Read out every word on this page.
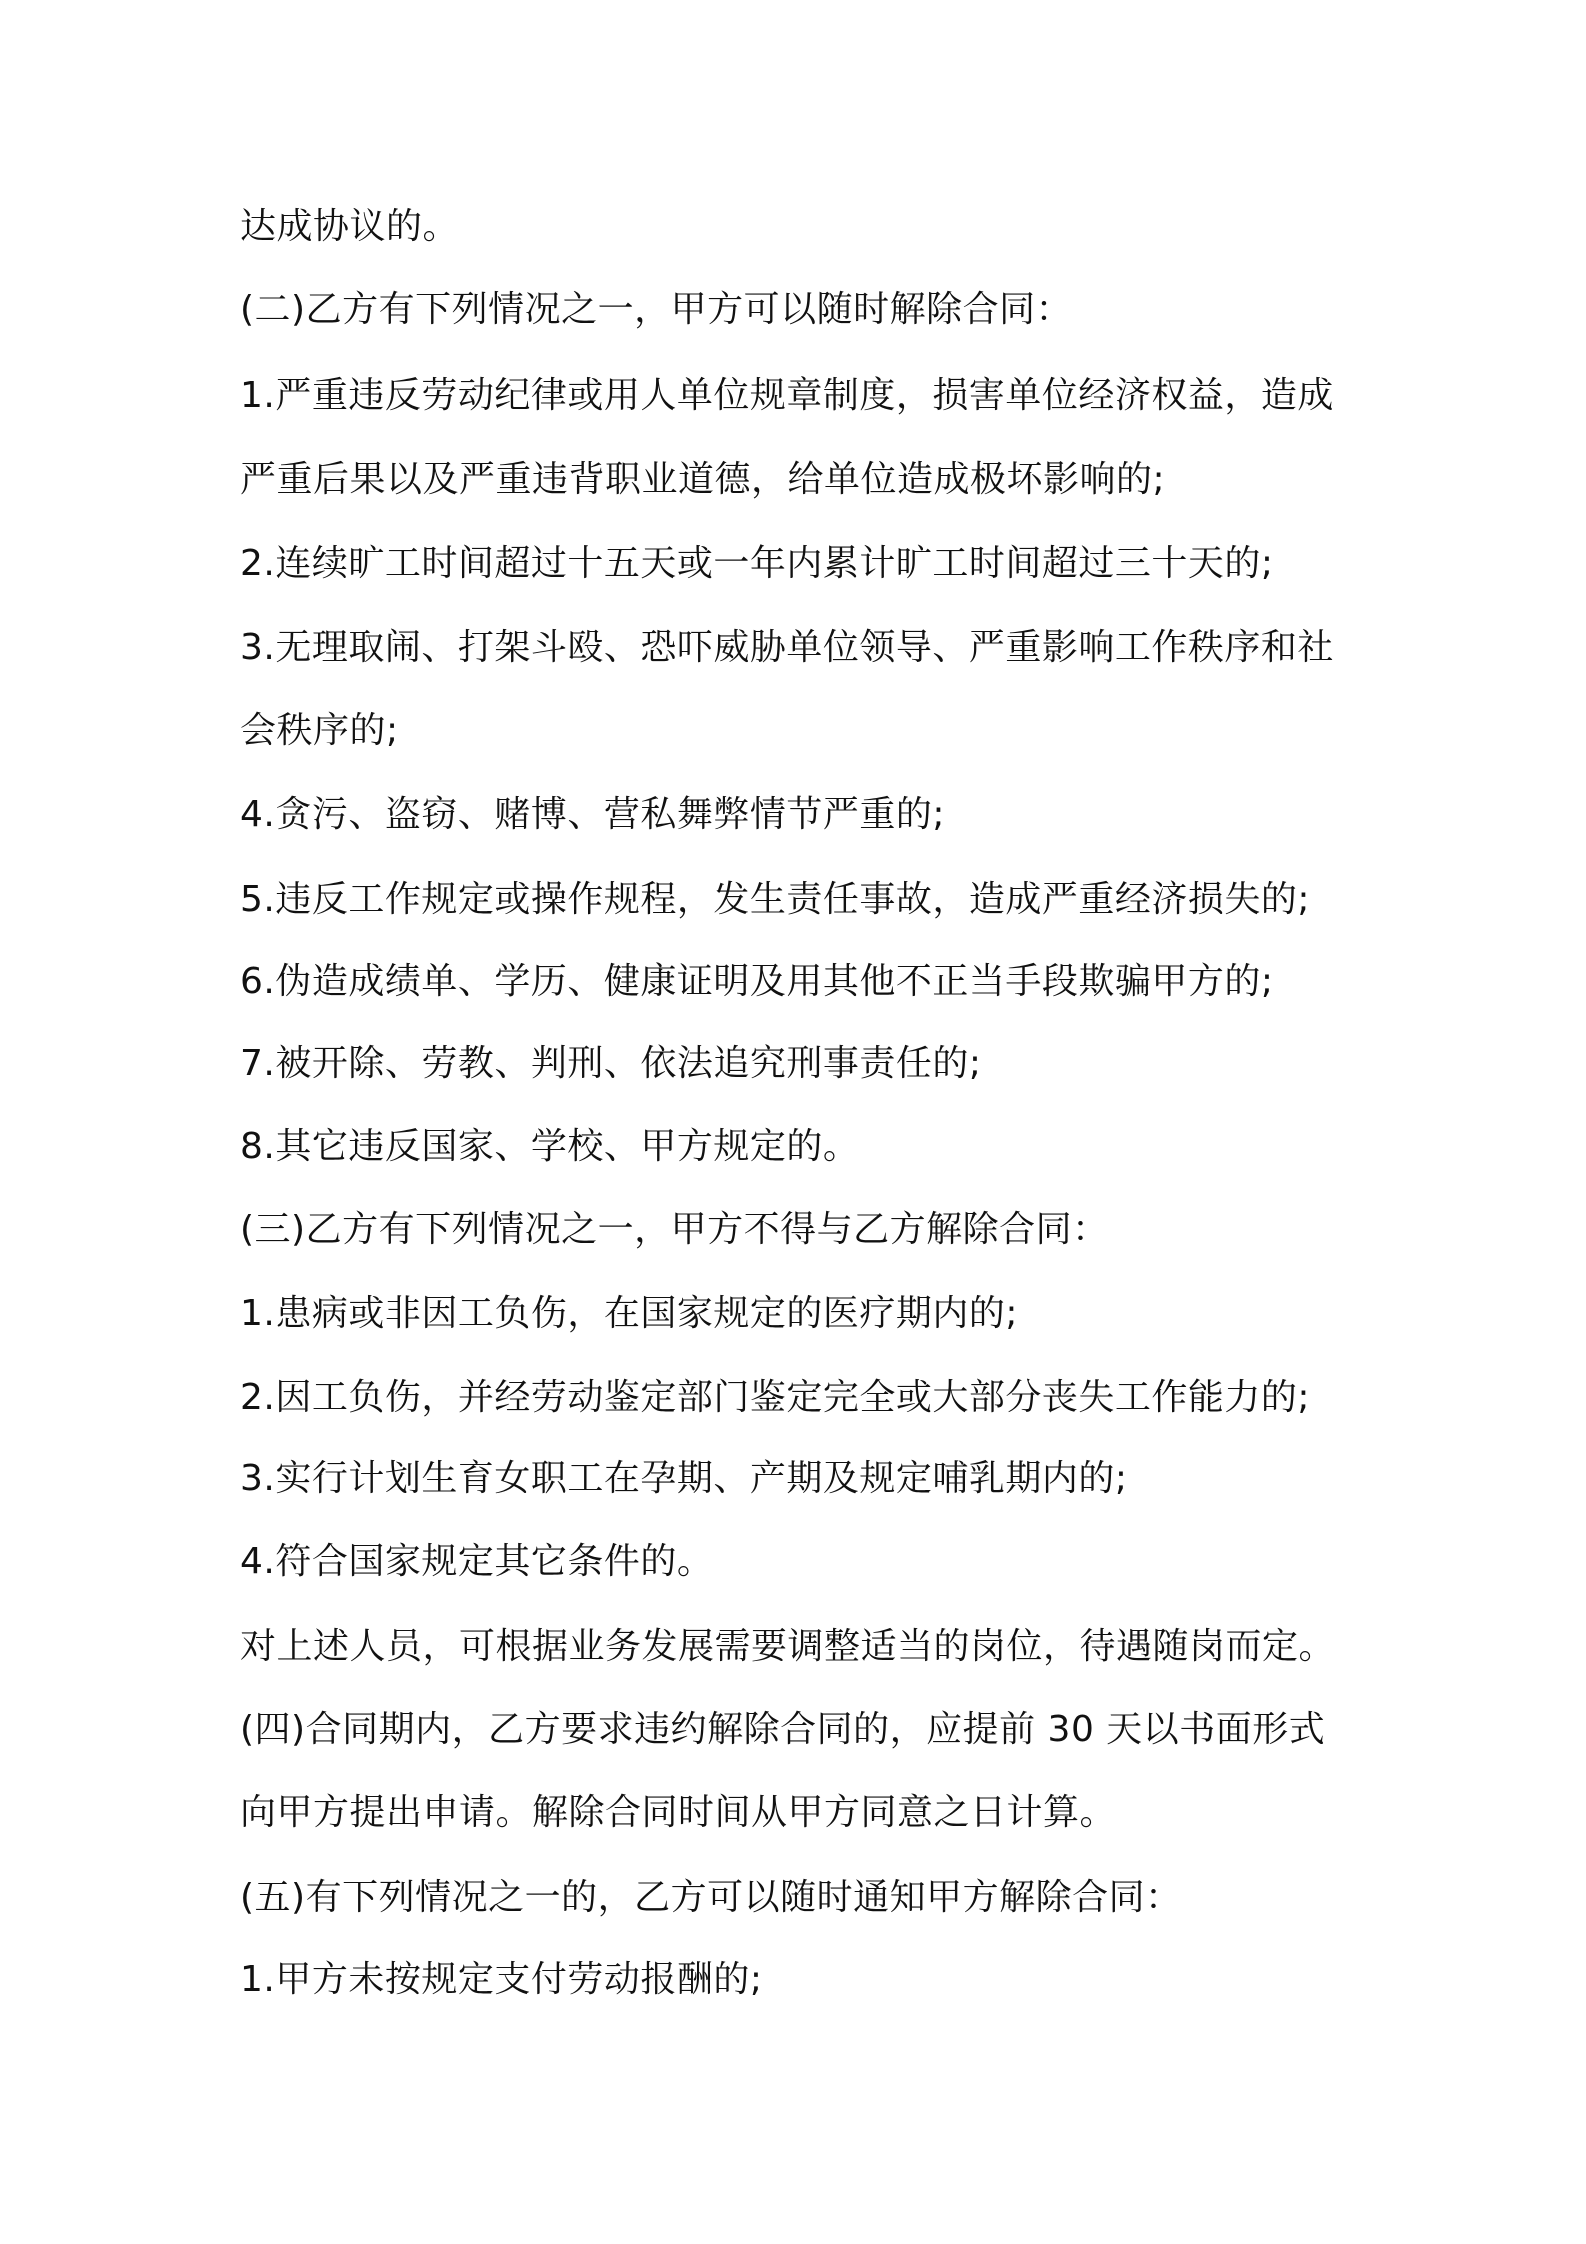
达成协议的。
(二)乙方有下列情况之一，甲方可以随时解除合同：
1.严重违反劳动纪律或用人单位规章制度，损害单位经济权益，造成
严重后果以及严重违背职业道德，给单位造成极坏影响的;
2.连续旷工时间超过十五天或一年内累计旷工时间超过三十天的;
3.无理取闹、打架斗殴、恐吓威胁单位领导、严重影响工作秩序和社
会秩序的;
4.贪污、盗窃、赌博、营私舞弊情节严重的;
5.违反工作规定或操作规程，发生责任事故，造成严重经济损失的;
6.伪造成绩单、学历、健康证明及用其他不正当手段欺骗甲方的;
7.被开除、劳教、判刑、依法追究刑事责任的;
8.其它违反国家、学校、甲方规定的。
(三)乙方有下列情况之一，甲方不得与乙方解除合同：
1.患病或非因工负伤，在国家规定的医疗期内的;
2.因工负伤，并经劳动鉴定部门鉴定完全或大部分丧失工作能力的;
3.实行计划生育女职工在孕期、产期及规定哺乳期内的;
4.符合国家规定其它条件的。
对上述人员，可根据业务发展需要调整适当的岗位，待遇随岗而定。
(四)合同期内，乙方要求违约解除合同的，应提前 30 天以书面形式
向甲方提出申请。解除合同时间从甲方同意之日计算。
(五)有下列情况之一的，乙方可以随时通知甲方解除合同：
1.甲方未按规定支付劳动报酬的;
